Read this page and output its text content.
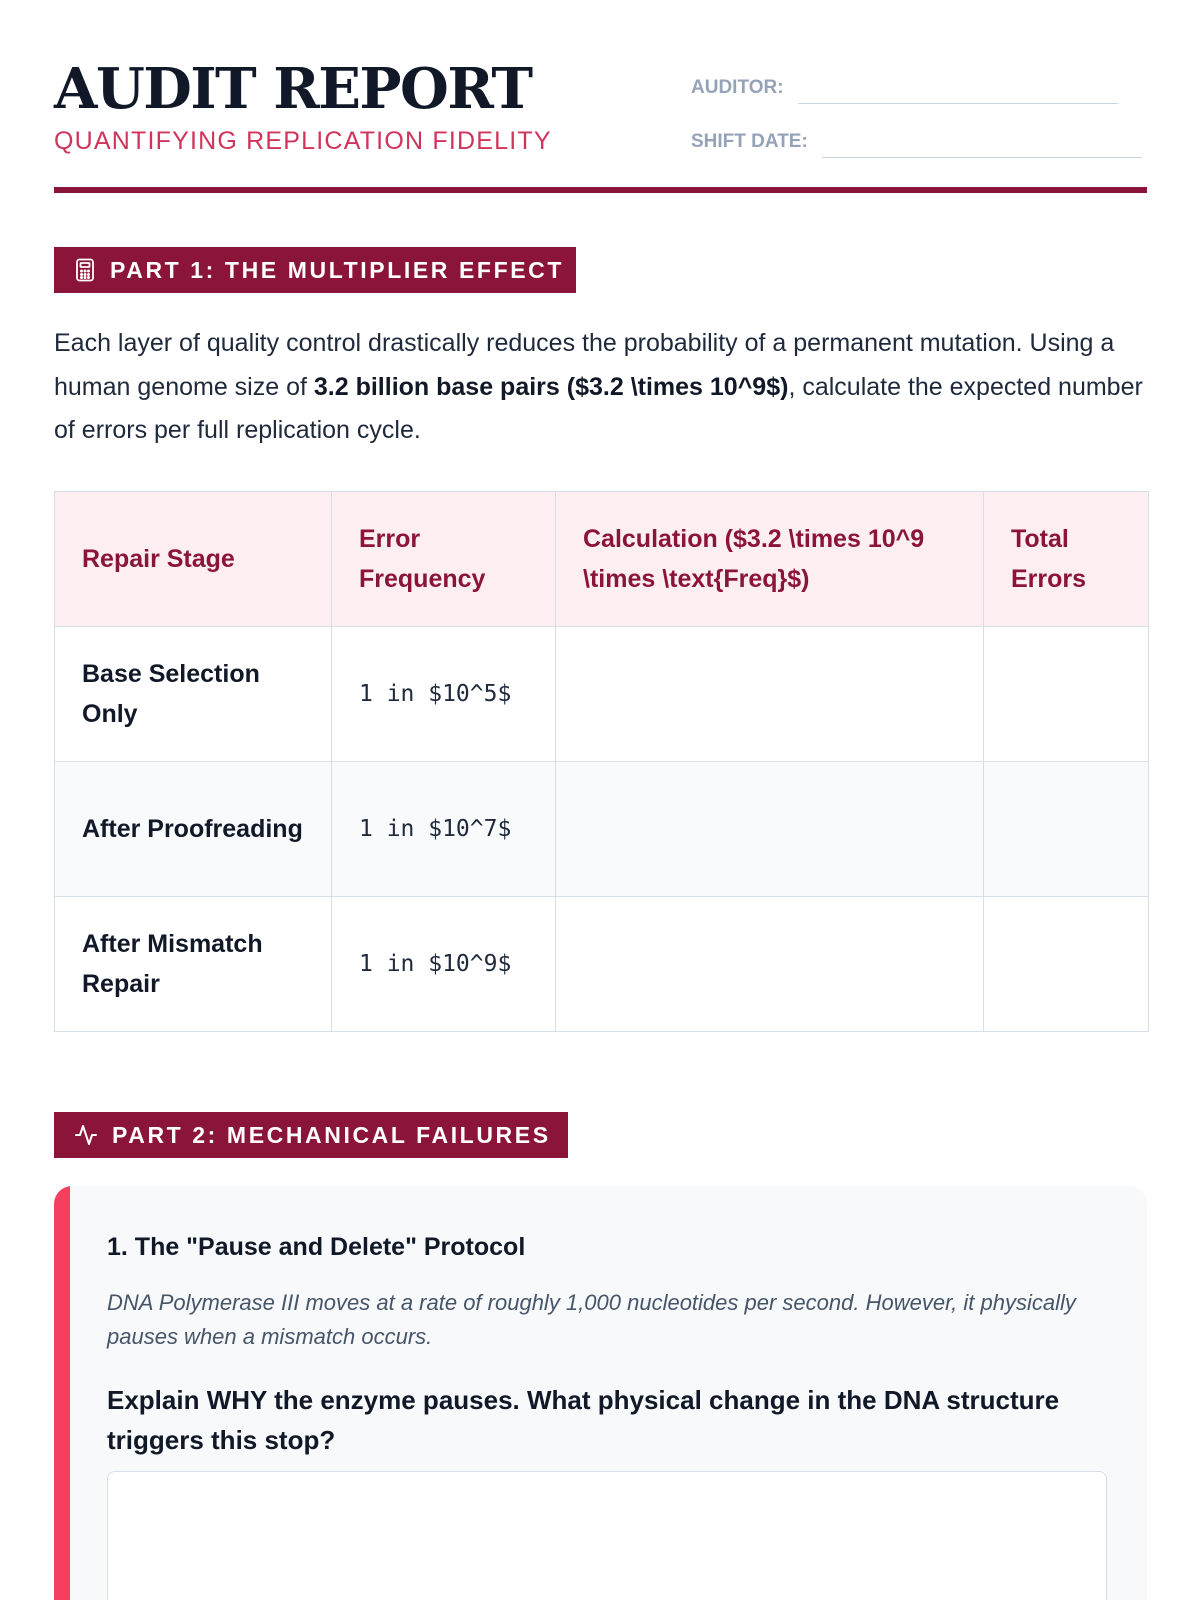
AUDIT REPORT
QUANTIFYING REPLICATION FIDELITY
AUDITOR:
SHIFT DATE:
PART 1: THE MULTIPLIER EFFECT

Each layer of quality control drastically reduces the probability of a permanent mutation. Using a human genome size of 3.2 billion base pairs ($3.2 \times 10^9$), calculate the expected number of errors per full replication cycle.

Repair Stage	Error Frequency	Calculation ($3.2 \times 10^9 \times \text{Freq}$)	Total Errors
Base Selection Only	1 in $10^5$		
After Proofreading	1 in $10^7$		
After Mismatch Repair	1 in $10^9$		
PART 2: MECHANICAL FAILURES
1. The "Pause and Delete" Protocol
DNA Polymerase III moves at a rate of roughly 1,000 nucleotides per second. However, it physically pauses when a mismatch occurs.
Explain WHY the enzyme pauses. What physical change in the DNA structure triggers this stop?
